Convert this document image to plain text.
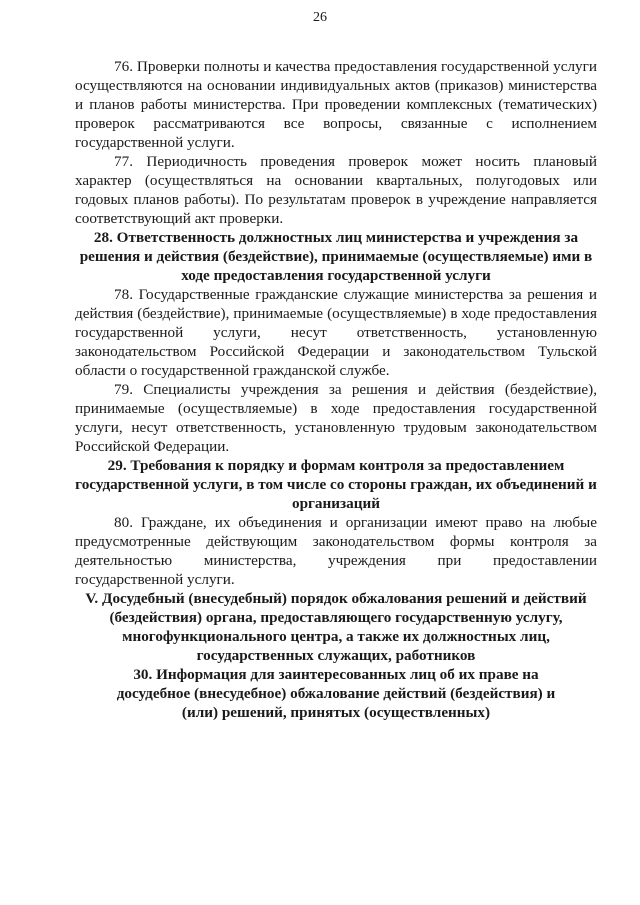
26

76. Проверки полноты и качества предоставления государственной услуги осуществляются на основании индивидуальных актов (приказов) министерства и планов работы министерства. При проведении комплексных (тематических) проверок рассматриваются все вопросы, связанные с исполнением государственной услуги.

77. Периодичность проведения проверок может носить плановый характер (осуществляться на основании квартальных, полугодовых или годовых планов работы). По результатам проверок в учреждение направляется соответствующий акт проверки.

28. Ответственность должностных лиц министерства и учреждения за решения и действия (бездействие), принимаемые (осуществляемые) ими в ходе предоставления государственной услуги

78. Государственные гражданские служащие министерства за решения и действия (бездействие), принимаемые (осуществляемые) в ходе предоставления государственной услуги, несут ответственность, установленную законодательством Российской Федерации и законодательством Тульской области о государственной гражданской службе.

79. Специалисты учреждения за решения и действия (бездействие), принимаемые (осуществляемые) в ходе предоставления государственной услуги, несут ответственность, установленную трудовым законодательством Российской Федерации.

29. Требования к порядку и формам контроля за предоставлением государственной услуги, в том числе со стороны граждан, их объединений и организаций

80. Граждане, их объединения и организации имеют право на любые предусмотренные действующим законодательством формы контроля за деятельностью министерства, учреждения при предоставлении государственной услуги.

V. Досудебный (внесудебный) порядок обжалования решений и действий (бездействия) органа, предоставляющего государственную услугу, многофункционального центра, а также их должностных лиц, государственных служащих, работников
30. Информация для заинтересованных лиц об их праве на досудебное (внесудебное) обжалование действий (бездействия) и (или) решений, принятых (осуществленных)
